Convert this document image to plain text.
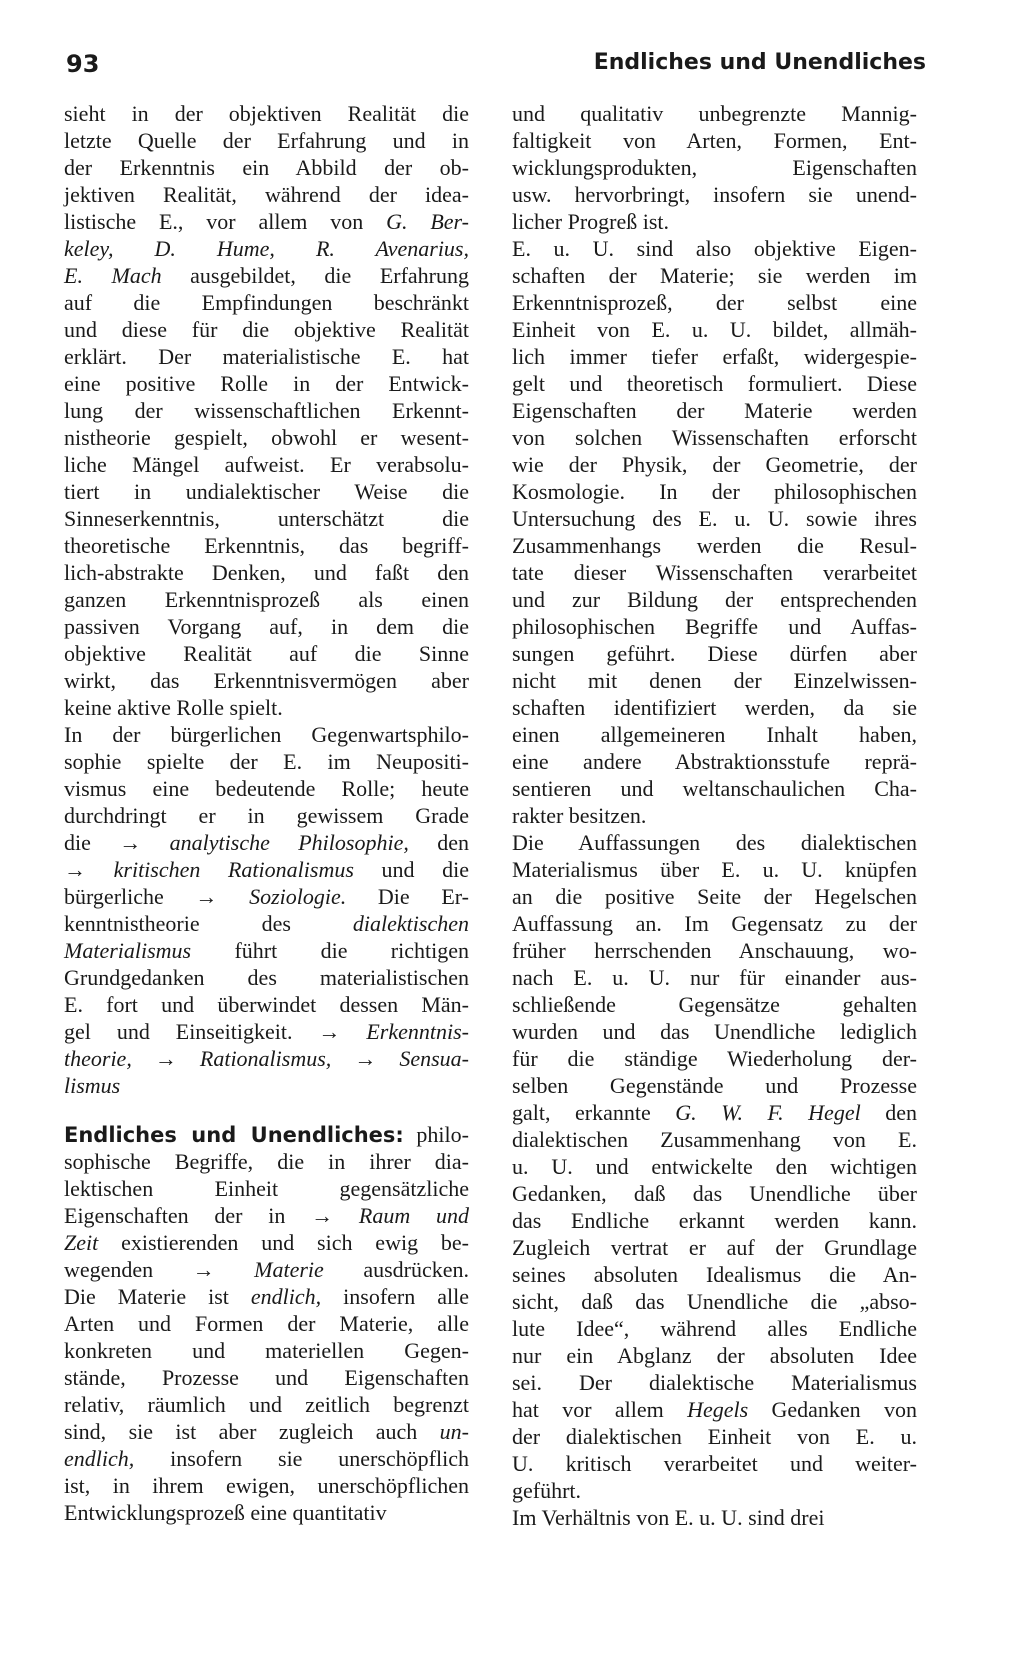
93	Endliches und Unendliches
sieht in der objektiven Realität die
letzte Quelle der Erfahrung und in
der Erkenntnis ein Abbild der ob-
jektiven Realität, während der idea-
listische E., vor allem von G. Ber-
keley, D. Hume, R. Avenarius,
E. Mach ausgebildet, die Erfahrung
auf die Empfindungen beschränkt
und diese für die objektive Realität
erklärt. Der materialistische E. hat
eine positive Rolle in der Entwick-
lung der wissenschaftlichen Erkennt-
nistheorie gespielt, obwohl er wesent-
liche Mängel aufweist. Er verabsolu-
tiert in undialektischer Weise die
Sinneserkenntnis, unterschätzt die
theoretische Erkenntnis, das begriff-
lich-abstrakte Denken, und faßt den
ganzen Erkenntnisprozeß als einen
passiven Vorgang auf, in dem die
objektive Realität auf die Sinne
wirkt, das Erkenntnisvermögen aber
keine aktive Rolle spielt.
In der bürgerlichen Gegenwartsphilo-
sophie spielte der E. im Neupositi-
vismus eine bedeutende Rolle; heute
durchdringt er in gewissem Grade
die → analytische Philosophie, den
→ kritischen Rationalismus und die
bürgerliche → Soziologie. Die Er-
kenntnistheorie des dialektischen
Materialismus führt die richtigen
Grundgedanken des materialistischen
E. fort und überwindet dessen Män-
gel und Einseitigkeit. → Erkenntnis-
theorie, → Rationalismus, → Sensua-
lismus
Endliches und Unendliches: philo-
sophische Begriffe, die in ihrer dia-
lektischen Einheit gegensätzliche
Eigenschaften der in → Raum und
Zeit existierenden und sich ewig be-
wegenden → Materie ausdrücken.
Die Materie ist endlich, insofern alle
Arten und Formen der Materie, alle
konkreten und materiellen Gegen-
stände, Prozesse und Eigenschaften
relativ, räumlich und zeitlich begrenzt
sind, sie ist aber zugleich auch un-
endlich, insofern sie unerschöpflich
ist, in ihrem ewigen, unerschöpflichen
Entwicklungsprozeß eine quantitativ
und qualitativ unbegrenzte Mannig-
faltigkeit von Arten, Formen, Ent-
wicklungsprodukten, Eigenschaften
usw. hervorbringt, insofern sie unend-
licher Progreß ist.
E. u. U. sind also objektive Eigen-
schaften der Materie; sie werden im
Erkenntnisprozeß, der selbst eine
Einheit von E. u. U. bildet, allmäh-
lich immer tiefer erfaßt, widergespie-
gelt und theoretisch formuliert. Diese
Eigenschaften der Materie werden
von solchen Wissenschaften erforscht
wie der Physik, der Geometrie, der
Kosmologie. In der philosophischen
Untersuchung des E. u. U. sowie ihres
Zusammenhangs werden die Resul-
tate dieser Wissenschaften verarbeitet
und zur Bildung der entsprechenden
philosophischen Begriffe und Auffas-
sungen geführt. Diese dürfen aber
nicht mit denen der Einzelwissen-
schaften identifiziert werden, da sie
einen allgemeineren Inhalt haben,
eine andere Abstraktionsstufe reprä-
sentieren und weltanschaulichen Cha-
rakter besitzen.
Die Auffassungen des dialektischen
Materialismus über E. u. U. knüpfen
an die positive Seite der Hegelschen
Auffassung an. Im Gegensatz zu der
früher herrschenden Anschauung, wo-
nach E. u. U. nur für einander aus-
schließende Gegensätze gehalten
wurden und das Unendliche lediglich
für die ständige Wiederholung der-
selben Gegenstände und Prozesse
galt, erkannte G. W. F. Hegel den
dialektischen Zusammenhang von E.
u. U. und entwickelte den wichtigen
Gedanken, daß das Unendliche über
das Endliche erkannt werden kann.
Zugleich vertrat er auf der Grundlage
seines absoluten Idealismus die An-
sicht, daß das Unendliche die „abso-
lute Idee“, während alles Endliche
nur ein Abglanz der absoluten Idee
sei. Der dialektische Materialismus
hat vor allem Hegels Gedanken von
der dialektischen Einheit von E. u.
U. kritisch verarbeitet und weiter-
geführt.
Im Verhältnis von E. u. U. sind drei
